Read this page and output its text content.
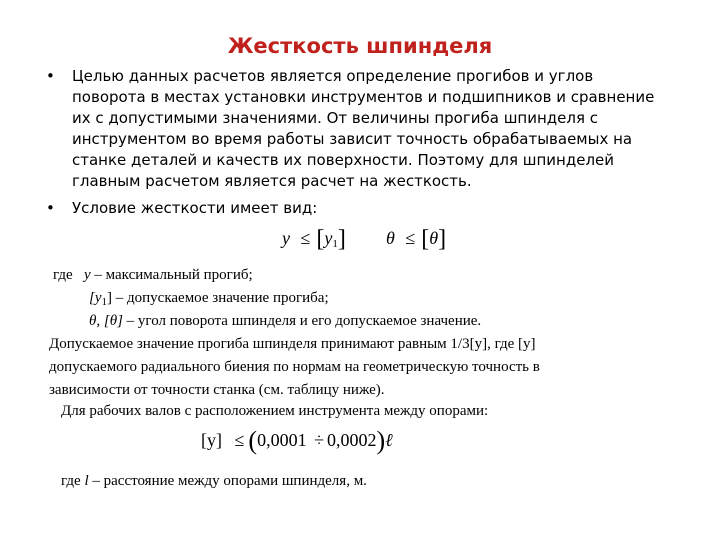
Жесткость шпинделя
• Целью данных расчетов является определение прогибов и углов
поворота в местах установки инструментов и подшипников и сравнение
их с допустимыми значениями. От величины прогиба шпинделя с
инструментом во время работы зависит точность обрабатываемых на
станке деталей и качеств их поверхности. Поэтому для шпинделей
главным расчетом является расчет на жесткость.
• Условие жесткости имеет вид:
$y \le [y_1] \theta \le [\theta]$
где y – максимальный прогиб;
$[y_1]$ – допускаемое значение прогиба;
θ, [θ] – угол поворота шпинделя и его допускаемое значение.
Допускаемое значение прогиба шпинделя принимают равным 1/3[y], где [y]
допускаемого радиального биения по нормам на геометрическую точность в
зависимости от точности станка (см. таблицу ниже).
Для рабочих валов с расположением инструмента между опорами:
[y] ≤ (0,0001 ÷ 0,0002)ℓ
где l – расстояние между опорами шпинделя, м.
